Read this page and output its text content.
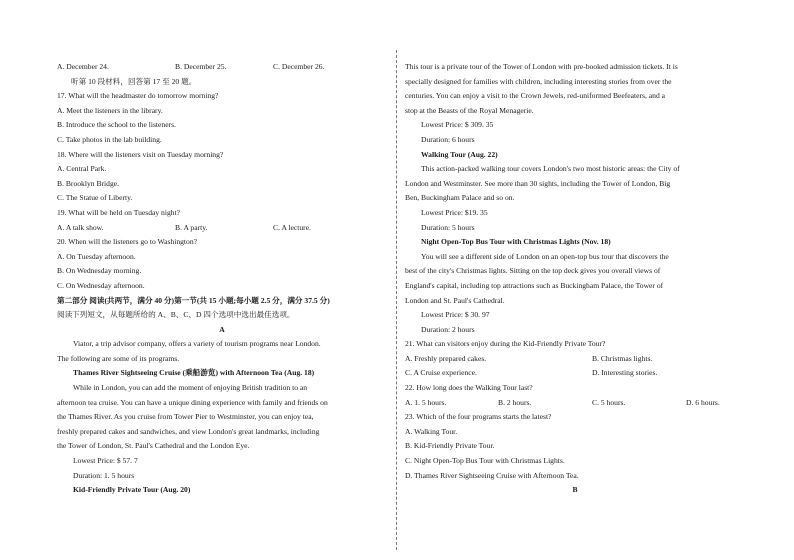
A. December 24.	B. December 25.	C. December 26.
听第 10 段材料，回答第 17 至 20 题。
17. What will the headmaster do tomorrow morning?
A. Meet the listeners in the library.
B. Introduce the school to the listeners.
C. Take photos in the lab building.
18. Where will the listeners visit on Tuesday morning?
A. Central Park.
B. Brooklyn Bridge.
C. The Statue of Liberty.
19. What will be held on Tuesday night?
A. A talk show.	B. A party.	C. A lecture.
20. When will the listeners go to Washington?
A. On Tuesday afternoon.
B. On Wednesday morning.
C. On Wednesday afternoon.
第二部分 阅读(共两节，满分 40 分)第一节(共 15 小题;每小题 2.5 分，满分 37.5 分)
阅读下列短文，从每题所给的 A、B、C、D 四个选项中选出最佳选项。
A
Viator, a trip advisor company, offers a variety of tourism programs near London.
The following are some of its programs.
Thames River Sightseeing Cruise (乘船游览) with Afternoon Tea (Aug. 18)
While in London, you can add the moment of enjoying British tradition to an
afternoon tea cruise. You can have a unique dining experience with family and friends on
the Thames River. As you cruise from Tower Pier to Westminster, you can enjoy tea,
freshly prepared cakes and sandwiches, and view London's great landmarks, including
the Tower of London, St. Paul's Cathedral and the London Eye.
Lowest Price: $ 57. 7
Duration: 1. 5 hours
Kid-Friendly Private Tour (Aug. 20)
This tour is a private tour of the Tower of London with pre-booked admission tickets. It is
specially designed for families with children, including interesting stories from over the
centuries. You can enjoy a visit to the Crown Jewels, red-uniformed Beefeaters, and a
stop at the Beasts of the Royal Menagerie.
Lowest Price: $ 309. 35
Duration: 6 hours
Walking Tour (Aug. 22)
This action-packed walking tour covers London's two most historic areas: the City of
London and Westminster. See more than 30 sights, including the Tower of London, Big
Ben, Buckingham Palace and so on.
Lowest Price: $19. 35
Duration: 5 hours
Night Open-Top Bus Tour with Christmas Lights (Nov. 18)
You will see a different side of London on an open-top bus tour that discovers the
best of the city's Christmas lights. Sitting on the top deck gives you overall views of
England's capital, including top attractions such as Buckingham Palace, the Tower of
London and St. Paul's Cathedral.
Lowest Price: $ 30. 97
Duration: 2 hours
21. What can visitors enjoy during the Kid-Friendly Private Tour?
A. Freshly prepared cakes.	B. Christmas lights.
C. A Cruise experience.	D. Interesting stories.
22. How long does the Walking Tour last?
A. 1. 5 hours.	B. 2 hours.	C. 5 hours.	D. 6 hours.
23. Which of the four programs starts the latest?
A. Walking Tour.
B. Kid-Friendly Private Tour.
C. Night Open-Top Bus Tour with Christmas Lights.
D. Thames River Sightseeing Cruise with Afternoon Tea.
B
